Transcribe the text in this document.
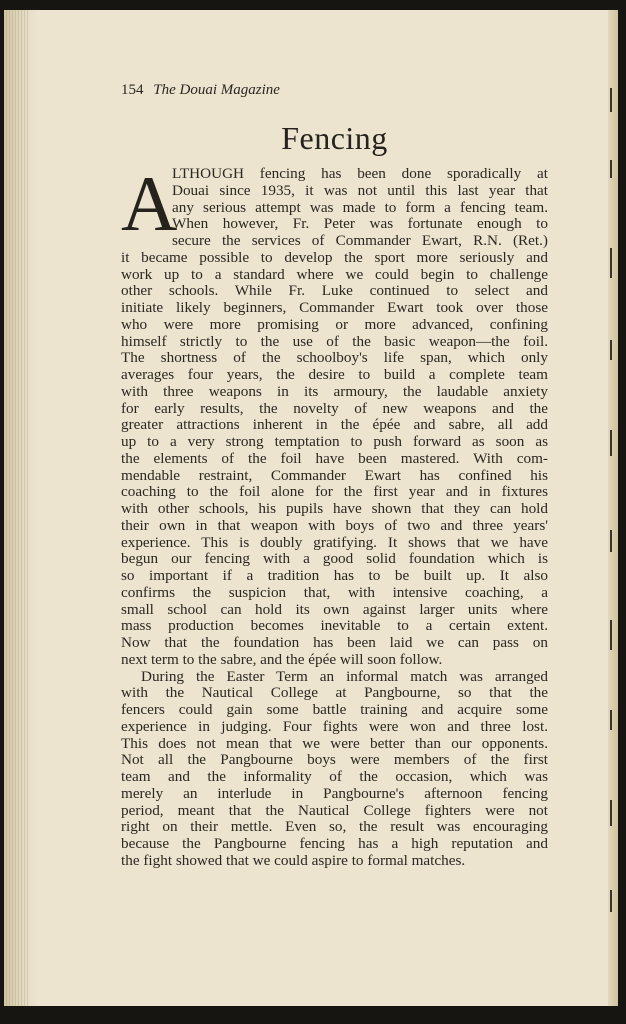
154 The Douai Magazine
Fencing
A
LTHOUGH fencing has been done sporadically at
Douai since 1935, it was not until this last year that
any serious attempt was made to form a fencing team.
When however, Fr. Peter was fortunate enough to
secure the services of Commander Ewart, R.N. (Ret.)
it became possible to develop the sport more seriously and
work up to a standard where we could begin to challenge
other schools. While Fr. Luke continued to select and
initiate likely beginners, Commander Ewart took over those
who were more promising or more advanced, confining
himself strictly to the use of the basic weapon—the foil.
The shortness of the schoolboy's life span, which only
averages four years, the desire to build a complete team
with three weapons in its armoury, the laudable anxiety
for early results, the novelty of new weapons and the
greater attractions inherent in the épée and sabre, all add
up to a very strong temptation to push forward as soon as
the elements of the foil have been mastered. With com-
mendable restraint, Commander Ewart has confined his
coaching to the foil alone for the first year and in fixtures
with other schools, his pupils have shown that they can hold
their own in that weapon with boys of two and three years'
experience. This is doubly gratifying. It shows that we have
begun our fencing with a good solid foundation which is
so important if a tradition has to be built up. It also
confirms the suspicion that, with intensive coaching, a
small school can hold its own against larger units where
mass production becomes inevitable to a certain extent.
Now that the foundation has been laid we can pass on
next term to the sabre, and the épée will soon follow.
During the Easter Term an informal match was arranged
with the Nautical College at Pangbourne, so that the
fencers could gain some battle training and acquire some
experience in judging. Four fights were won and three lost.
This does not mean that we were better than our opponents.
Not all the Pangbourne boys were members of the first
team and the informality of the occasion, which was
merely an interlude in Pangbourne's afternoon fencing
period, meant that the Nautical College fighters were not
right on their mettle. Even so, the result was encouraging
because the Pangbourne fencing has a high reputation and
the fight showed that we could aspire to formal matches.
